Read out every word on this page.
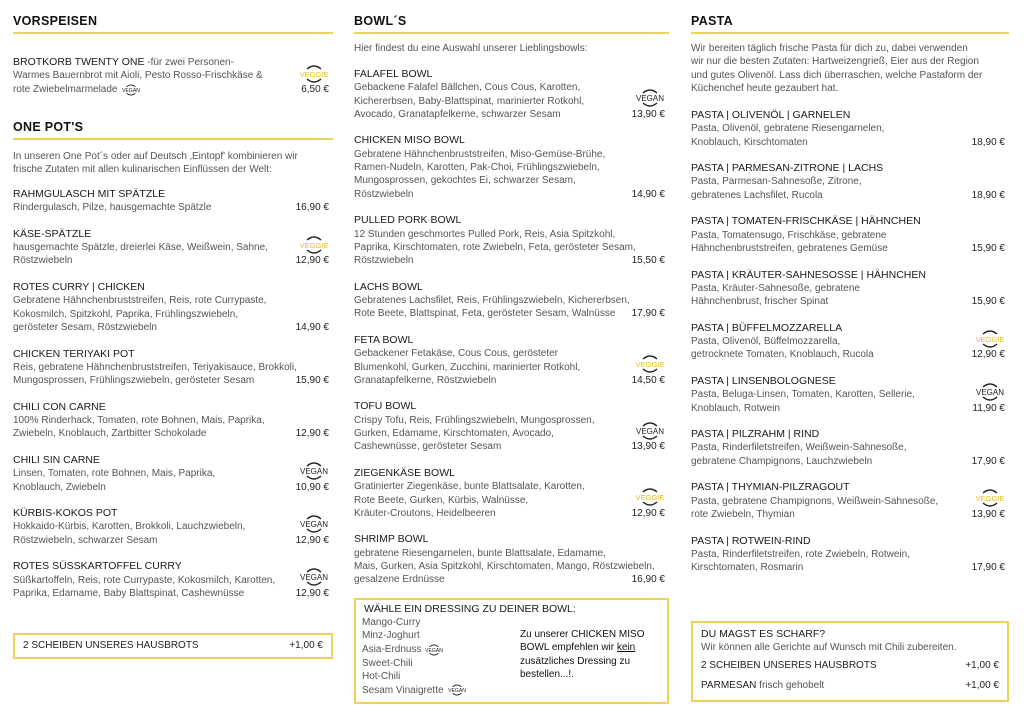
VORSPEISEN
BROTKORB TWENTY ONE -für zwei Personen-
Warmes Bauernbrot mit Aioli, Pesto Rosso-Frischkäse &
rote Zwiebelmarmelade VEGAN	6,50 €
VEGGIE
ONE POT'S
In unseren One Pot´s oder auf Deutsch ‚Eintopf' kombinieren wir
frische Zutaten mit allen kulinarischen Einflüssen der Welt:
RAHMGULASCH MIT SPÄTZLE
Rindergulasch, Pilze, hausgemachte Spätzle	16,90 €
KÄSE-SPÄTZLE
hausgemachte Spätzle, dreierlei Käse, Weißwein, Sahne,
Röstzwiebeln	12,90 €
VEGGIE
ROTES CURRY | CHICKEN
Gebratene Hähnchenbruststreifen, Reis, rote Currypaste,
Kokosmilch, Spitzkohl, Paprika, Frühlingszwiebeln,
gerösteter Sesam, Röstzwiebeln	14,90 €
CHICKEN TERIYAKI POT
Reis, gebratene Hähnchenbruststreifen, Teriyakisauce, Brokkoli,
Mungosprossen, Frühlingszwiebeln, gerösteter Sesam	15,90 €
CHILI CON CARNE
100% Rinderhack, Tomaten, rote Bohnen, Mais, Paprika,
Zwiebeln, Knoblauch, Zartbitter Schokolade	12,90 €
CHILI SIN CARNE
Linsen, Tomaten, rote Bohnen, Mais, Paprika,
Knoblauch, Zwiebeln	10,90 €
VEGAN
KÜRBIS-KOKOS POT
Hokkaido-Kürbis, Karotten, Brokkoli, Lauchzwiebeln,
Röstzwiebeln, schwarzer Sesam	12,90 €
VEGAN
ROTES SÜSSKARTOFFEL CURRY
Süßkartoffeln, Reis, rote Currypaste, Kokosmilch, Karotten,
Paprika, Edamame, Baby Blattspinat, Cashewnüsse	12,90 €
VEGAN
2 SCHEIBEN UNSERES HAUSBROTS	+1,00 €
BOWL´S
Hier findest du eine Auswahl unserer Lieblingsbowls:
FALAFEL BOWL
Gebackene Falafel Bällchen, Cous Cous, Karotten,
Kichererbsen, Baby-Blattspinat, marinierter Rotkohl,
Avocado, Granatapfelkerne, schwarzer Sesam	13,90 €
VEGAN
CHICKEN MISO BOWL
Gebratene Hähnchenbruststreifen, Miso-Gemüse-Brühe,
Ramen-Nudeln, Karotten, Pak-Choi, Frühlingszwiebeln,
Mungosprossen, gekochtes Ei, schwarzer Sesam,
Röstzwiebeln	14,90 €
PULLED PORK BOWL
12 Stunden geschmortes Pulled Pork, Reis, Asia Spitzkohl,
Paprika, Kirschtomaten, rote Zwiebeln, Feta, gerösteter Sesam,
Röstzwiebeln	15,50 €
LACHS BOWL
Gebratenes Lachsfilet, Reis, Frühlingszwiebeln, Kichererbsen,
Rote Beete, Blattspinat, Feta, gerösteter Sesam, Walnüsse 17,90 €
FETA BOWL
Gebackener Fetakäse, Cous Cous, gerösteter
Blumenkohl, Gurken, Zucchini, marinierter Rotkohl,
Granatapfelkerne, Röstzwiebeln	14,50 €
VEGGIE
TOFU BOWL
Crispy Tofu, Reis, Frühlingszwiebeln, Mungosprossen,
Gurken, Edamame, Kirschtomaten, Avocado,
Cashewnüsse, gerösteter Sesam	13,90 €
VEGAN
ZIEGENKÄSE BOWL
Gratinierter Ziegenkäse, bunte Blattsalate, Karotten,
Rote Beete, Gurken, Kürbis, Walnüsse,
Kräuter-Croutons, Heidelbeeren	12,90 €
VEGGIE
SHRIMP BOWL
gebratene Riesengarnelen, bunte Blattsalate, Edamame,
Mais, Gurken, Asia Spitzkohl, Kirschtomaten, Mango, Röstzwiebeln,
gesalzene Erdnüsse	16,90 €
WÄHLE EIN DRESSING ZU DEINER BOWL:
Mango-Curry
Minz-Joghurt
Asia-Erdnuss VEGAN
Sweet-Chili
Hot-Chili
Sesam Vinaigrette VEGAN
Zu unserer CHICKEN MISO BOWL empfehlen wir kein zusätzliches Dressing zu bestellen...!.
PASTA
Wir bereiten täglich frische Pasta für dich zu, dabei verwenden
wir nur die besten Zutaten: Hartweizengrieß, Eier aus der Region
und gutes Olivenöl. Lass dich überraschen, welche Pastaform der
Küchenchef heute gezaubert hat.
PASTA | OLIVENÖL | GARNELEN
Pasta, Olivenöl, gebratene Riesengarnelen,
Knoblauch, Kirschtomaten	18,90 €
PASTA | PARMESAN-ZITRONE | LACHS
Pasta, Parmesan-Sahnesoße, Zitrone,
gebratenes Lachsfilet, Rucola	18,90 €
PASTA | TOMATEN-FRISCHKÄSE | HÄHNCHEN
Pasta, Tomatensugo, Frischkäse, gebratene
Hähnchenbruststreifen, gebratenes Gemüse	15,90 €
PASTA | KRÄUTER-SAHNESOSSE | HÄHNCHEN
Pasta, Kräuter-Sahnesoße, gebratene
Hähnchenbrust, frischer Spinat	15,90 €
PASTA | BÜFFELMOZZARELLA
Pasta, Olivenöl, Büffelmozzarella,
getrocknete Tomaten, Knoblauch, Rucola	12,90 €
VEGGIE
PASTA | LINSENBOLOGNESE
Pasta, Beluga-Linsen, Tomaten, Karotten, Sellerie,
Knoblauch, Rotwein	11,90 €
VEGAN
PASTA | PILZRAHM | RIND
Pasta, Rinderfiletstreifen, Weißwein-Sahnesoße,
gebratene Champignons, Lauchzwiebeln	17,90 €
PASTA | THYMIAN-PILZRAGOUT
Pasta, gebratene Champignons, Weißwein-Sahnesoße,
rote Zwiebeln, Thymian	13,90 €
VEGGIE
PASTA | ROTWEIN-RIND
Pasta, Rinderfiletstreifen, rote Zwiebeln, Rotwein,
Kirschtomaten, Rosmarin	17,90 €
DU MAGST ES SCHARF?
Wir können alle Gerichte auf Wunsch mit Chili zubereiten.
2 SCHEIBEN UNSERES HAUSBROTS	+1,00 €
PARMESAN frisch gehobelt	+1,00 €
